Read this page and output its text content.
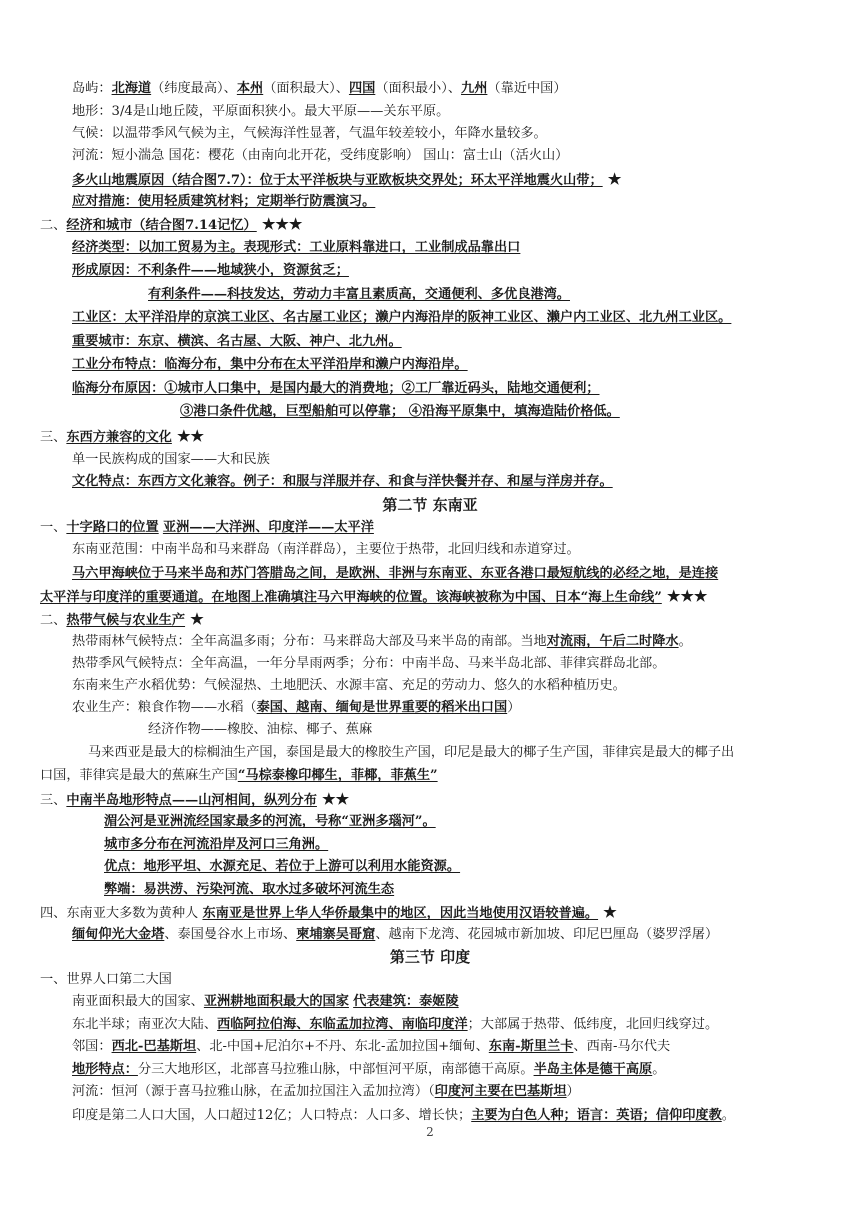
岛屿：北海道（纬度最高）、本州（面积最大）、四国（面积最小）、九州（靠近中国）
地形：3/4是山地丘陵，平原面积狭小。最大平原——关东平原。
气候：以温带季风气候为主，气候海洋性显著，气温年较差较小，年降水量较多。
河流：短小湍急 国花：樱花（由南向北开花，受纬度影响） 国山：富士山（活火山）
多火山地震原因（结合图7.7）：位于太平洋板块与亚欧板块交界处；环太平洋地震火山带； ★
应对措施：使用轻质建筑材料；定期举行防震演习。
二、经济和城市（结合图7.14记忆） ★★★
经济类型：以加工贸易为主。表现形式：工业原料靠进口，工业制成品靠出口
形成原因：不利条件——地域狭小，资源贫乏；
有利条件——科技发达，劳动力丰富且素质高，交通便利、多优良港湾。
工业区：太平洋沿岸的京滨工业区、名古屋工业区；濑户内海沿岸的阪神工业区、濑户内工业区、北九州工业区。
重要城市：东京、横滨、名古屋、大阪、神户、北九州。
工业分布特点：临海分布，集中分布在太平洋沿岸和濑户内海沿岸。
临海分布原因：①城市人口集中，是国内最大的消费地；②工厂靠近码头，陆地交通便利；
③港口条件优越，巨型船舶可以停靠； ④沿海平原集中，填海造陆价格低。
三、东西方兼容的文化 ★★
单一民族构成的国家——大和民族
文化特点：东西方文化兼容。例子：和服与洋服并存、和食与洋快餐并存、和屋与洋房并存。
第二节 东南亚
一、十字路口的位置 亚洲——大洋洲、印度洋——太平洋
东南亚范围：中南半岛和马来群岛（南洋群岛），主要位于热带，北回归线和赤道穿过。
马六甲海峡位于马来半岛和苏门答腊岛之间，是欧洲、非洲与东南亚、东亚各港口最短航线的必经之地，是连接
太平洋与印度洋的重要通道。在地图上准确填注马六甲海峡的位置。该海峡被称为中国、日本“海上生命线” ★★★
二、热带气候与农业生产 ★
热带雨林气候特点：全年高温多雨；分布：马来群岛大部及马来半岛的南部。当地对流雨，午后二时降水。
热带季风气候特点：全年高温，一年分旱雨两季；分布：中南半岛、马来半岛北部、菲律宾群岛北部。
东南来生产水稻优势：气候湿热、土地肥沃、水源丰富、充足的劳动力、悠久的水稻种植历史。
农业生产：粮食作物——水稻（泰国、越南、缅甸是世界重要的稻米出口国）
经济作物——橡胶、油棕、椰子、蕉麻
马来西亚是最大的棕榈油生产国，泰国是最大的橡胶生产国，印尼是最大的椰子生产国，菲律宾是最大的椰子出
口国，菲律宾是最大的蕉麻生产国“马棕泰橡印椰生，菲椰，菲蕉生”
三、中南半岛地形特点——山河相间，纵列分布 ★★
湄公河是亚洲流经国家最多的河流，号称“亚洲多瑙河”。
城市多分布在河流沿岸及河口三角洲。
优点：地形平坦、水源充足、若位于上游可以利用水能资源。
弊端：易洪涝、污染河流、取水过多破坏河流生态
四、东南亚大多数为黄种人 东南亚是世界上华人华侨最集中的地区，因此当地使用汉语较普遍。 ★
缅甸仰光大金塔、泰国曼谷水上市场、柬埔寨吴哥窟、越南下龙湾、花园城市新加坡、印尼巴厘岛（婆罗浮屠）
第三节 印度
一、世界人口第二大国
南亚面积最大的国家、亚洲耕地面积最大的国家 代表建筑：泰姬陵
东北半球；南亚次大陆、西临阿拉伯海、东临孟加拉湾、南临印度洋；大部属于热带、低纬度，北回归线穿过。
邻国：西北-巴基斯坦、北-中国+尼泊尔+不丹、东北-孟加拉国+缅甸、东南-斯里兰卡、西南-马尔代夫
地形特点：分三大地形区，北部喜马拉雅山脉，中部恒河平原，南部德干高原。半岛主体是德干高原。
河流：恒河（源于喜马拉雅山脉，在孟加拉国注入孟加拉湾）（印度河主要在巴基斯坦）
印度是第二人口大国，人口超过12亿；人口特点：人口多、增长快；主要为白色人种；语言：英语；信仰印度教。
2
